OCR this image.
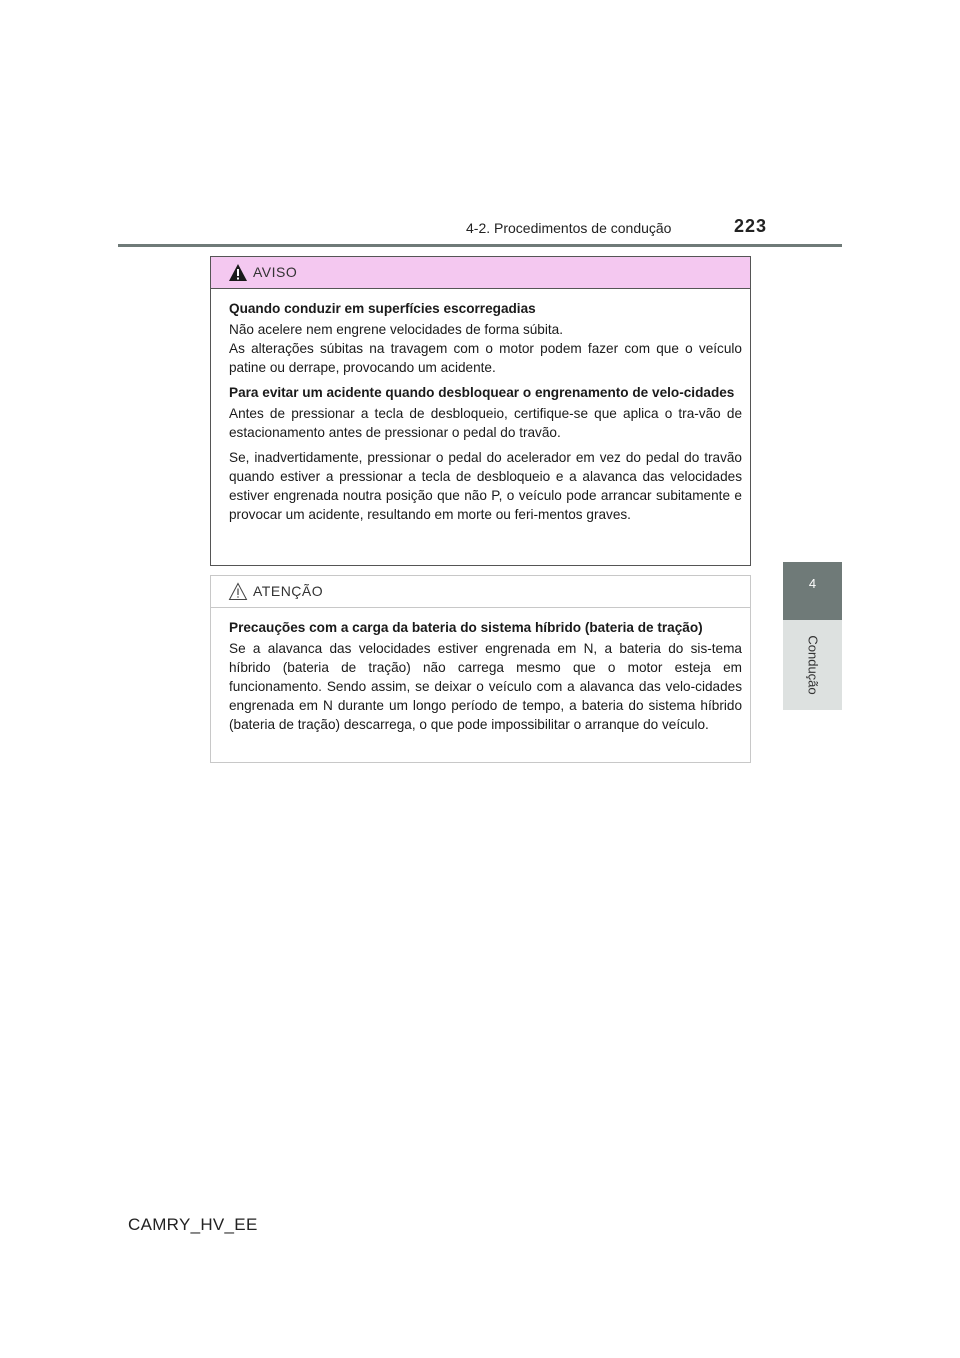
4-2. Procedimentos de condução	223
4
Condução
AVISO

Quando conduzir em superfícies escorregadias

Não acelere nem engrene velocidades de forma súbita.

As alterações súbitas na travagem com o motor podem fazer com que o veículo patine ou derrape, provocando um acidente.

Para evitar um acidente quando desbloquear o engrenamento de velo-cidades

Antes de pressionar a tecla de desbloqueio, certifique-se que aplica o tra-vão de estacionamento antes de pressionar o pedal do travão.

Se, inadvertidamente, pressionar o pedal do acelerador em vez do pedal do travão quando estiver a pressionar a tecla de desbloqueio e a alavanca das velocidades estiver engrenada noutra posição que não P, o veículo pode arrancar subitamente e provocar um acidente, resultando em morte ou feri-mentos graves.

ATENÇÃO

Precauções com a carga da bateria do sistema híbrido (bateria de tração)

Se a alavanca das velocidades estiver engrenada em N, a bateria do sis-tema híbrido (bateria de tração) não carrega mesmo que o motor esteja em funcionamento. Sendo assim, se deixar o veículo com a alavanca das velo-cidades engrenada em N durante um longo período de tempo, a bateria do sistema híbrido (bateria de tração) descarrega, o que pode impossibilitar o arranque do veículo.

CAMRY_HV_EE
